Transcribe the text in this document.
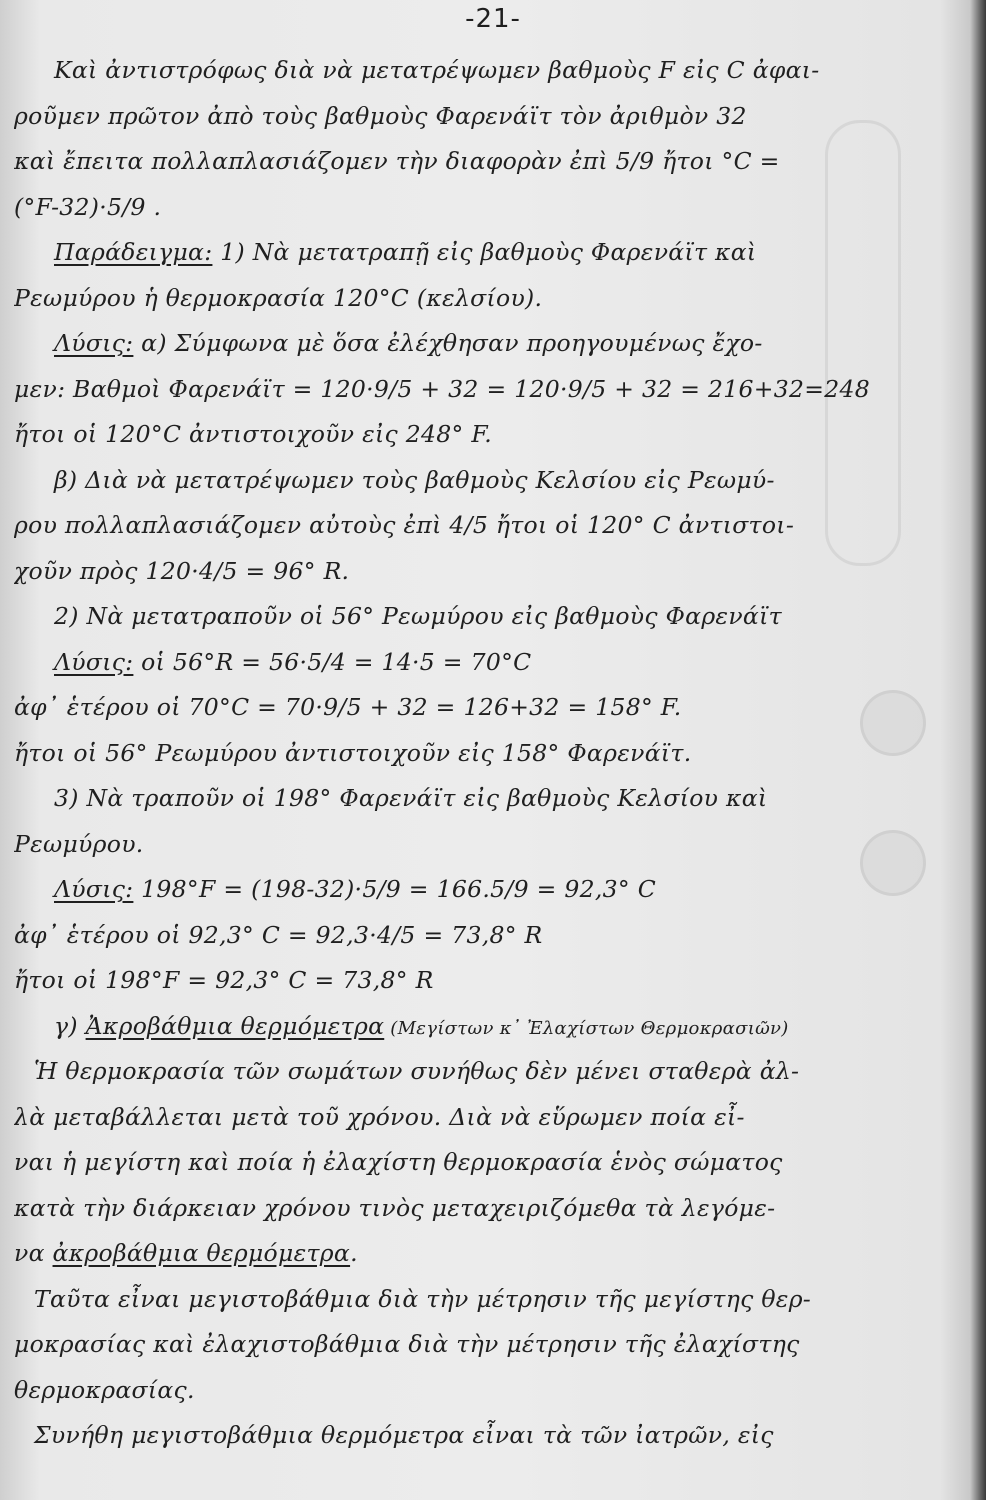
-21-
Καὶ ἀντιστρόφως διὰ νὰ μετατρέψωμεν βαθμοὺς F εἰς C ἀφαι-
ροῦμεν πρῶτον ἀπὸ τοὺς βαθμοὺς Φαρενάϊτ τὸν ἀριθμὸν 32
καὶ ἔπειτα πολλαπλασιάζομεν τὴν διαφορὰν ἐπὶ 5/9 ἤτοι °C =
(°F-32)·5/9 .
Παράδειγμα: 1) Νὰ μετατραπῇ εἰς βαθμοὺς Φαρενάϊτ καὶ
Ρεωμύρου ἡ θερμοκρασία 120°C (κελσίου).
Λύσις: α) Σύμφωνα μὲ ὅσα ἐλέχθησαν προηγουμένως ἔχο-
μεν: Βαθμοὶ Φαρενάϊτ = 120·9/5 + 32 = 120·9/5 + 32 = 216+32=248
ἤτοι οἱ 120°C ἀντιστοιχοῦν εἰς 248° F.
β) Διὰ νὰ μετατρέψωμεν τοὺς βαθμοὺς Κελσίου εἰς Ρεωμύ-
ρου πολλαπλασιάζομεν αὐτοὺς ἐπὶ 4/5 ἤτοι οἱ 120° C ἀντιστοι-
χοῦν πρὸς 120·4/5 = 96° R.
2) Νὰ μετατραποῦν οἱ 56° Ρεωμύρου εἰς βαθμοὺς Φαρενάϊτ
Λύσις: οἱ 56°R = 56·5/4 = 14·5 = 70°C
ἀφ᾽ ἑτέρου οἱ 70°C = 70·9/5 + 32 = 126+32 = 158° F.
ἤτοι οἱ 56° Ρεωμύρου ἀντιστοιχοῦν εἰς 158° Φαρενάϊτ.
3) Νὰ τραποῦν οἱ 198° Φαρενάϊτ εἰς βαθμοὺς Κελσίου καὶ
Ρεωμύρου.
Λύσις: 198°F = (198-32)·5/9 = 166.5/9 = 92,3° C
ἀφ᾽ ἑτέρου οἱ 92,3° C = 92,3·4/5 = 73,8° R
ἤτοι οἱ 198°F = 92,3° C = 73,8° R
γ) Ἀκροβάθμια θερμόμετρα (Μεγίστων κ᾽ Ἐλαχίστων Θερμοκρασιῶν)
Ἡ θερμοκρασία τῶν σωμάτων συνήθως δὲν μένει σταθερὰ ἀλ-
λὰ μεταβάλλεται μετὰ τοῦ χρόνου. Διὰ νὰ εὕρωμεν ποία εἶ-
ναι ἡ μεγίστη καὶ ποία ἡ ἐλαχίστη θερμοκρασία ἑνὸς σώματος
κατὰ τὴν διάρκειαν χρόνου τινὸς μεταχειριζόμεθα τὰ λεγόμε-
να ἀκροβάθμια θερμόμετρα.
Ταῦτα εἶναι μεγιστοβάθμια διὰ τὴν μέτρησιν τῆς μεγίστης θερ-
μοκρασίας καὶ ἐλαχιστοβάθμια διὰ τὴν μέτρησιν τῆς ἐλαχίστης
θερμοκρασίας.
Συνήθη μεγιστοβάθμια θερμόμετρα εἶναι τὰ τῶν ἰατρῶν, εἰς
